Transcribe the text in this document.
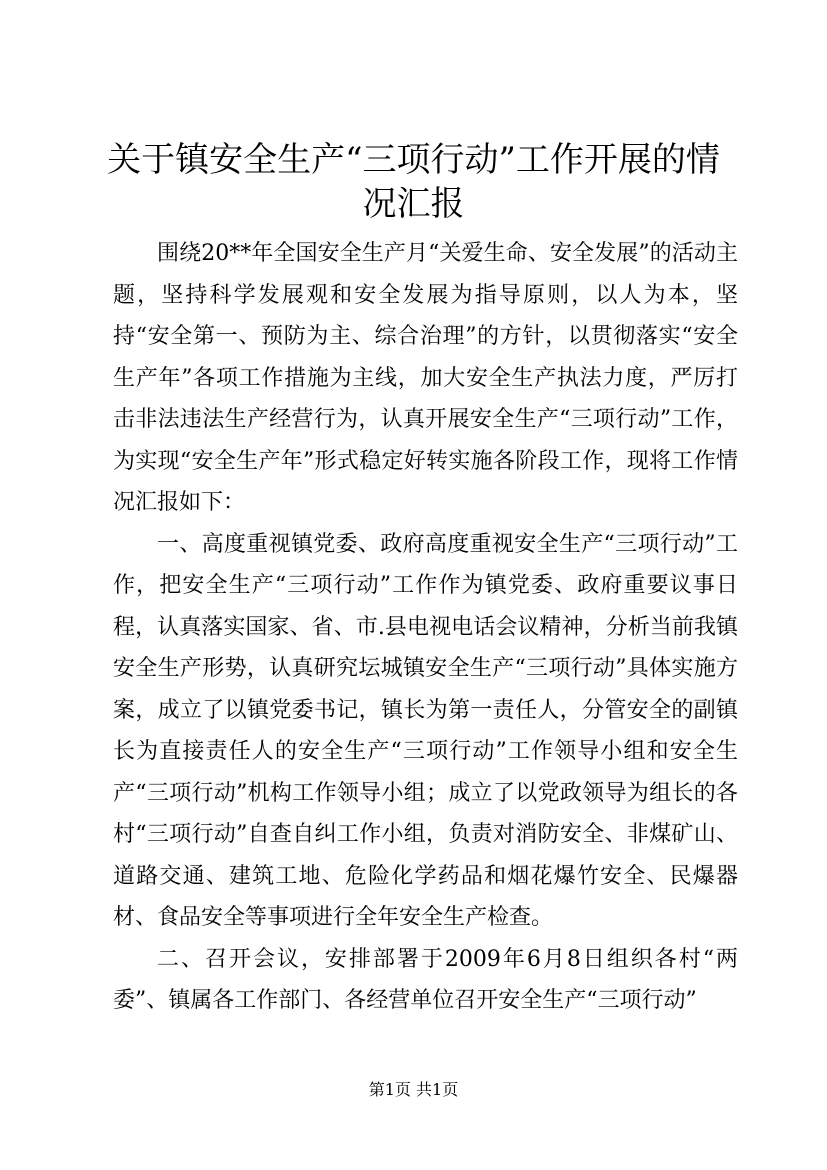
关于镇安全生产“三项行动”工作开展的情况汇报

围绕20**年全国安全生产月“关爱生命、安全发展”的活动主题，坚持科学发展观和安全发展为指导原则，以人为本，坚持“安全第一、预防为主、综合治理”的方针，以贯彻落实“安全生产年”各项工作措施为主线，加大安全生产执法力度，严厉打击非法违法生产经营行为，认真开展安全生产“三项行动”工作，为实现“安全生产年”形式稳定好转实施各阶段工作，现将工作情况汇报如下：

一、高度重视镇党委、政府高度重视安全生产“三项行动”工作，把安全生产“三项行动”工作作为镇党委、政府重要议事日程，认真落实国家、省、市.县电视电话会议精神，分析当前我镇安全生产形势，认真研究坛城镇安全生产“三项行动”具体实施方案，成立了以镇党委书记，镇长为第一责任人，分管安全的副镇长为直接责任人的安全生产“三项行动”工作领导小组和安全生产“三项行动”机构工作领导小组；成立了以党政领导为组长的各村“三项行动”自查自纠工作小组，负责对消防安全、非煤矿山、道路交通、建筑工地、危险化学药品和烟花爆竹安全、民爆器材、食品安全等事项进行全年安全生产检查。

二、召开会议，安排部署于2009年6月8日组织各村“两委”、镇属各工作部门、各经营单位召开安全生产“三项行动”

第1页 共1页
